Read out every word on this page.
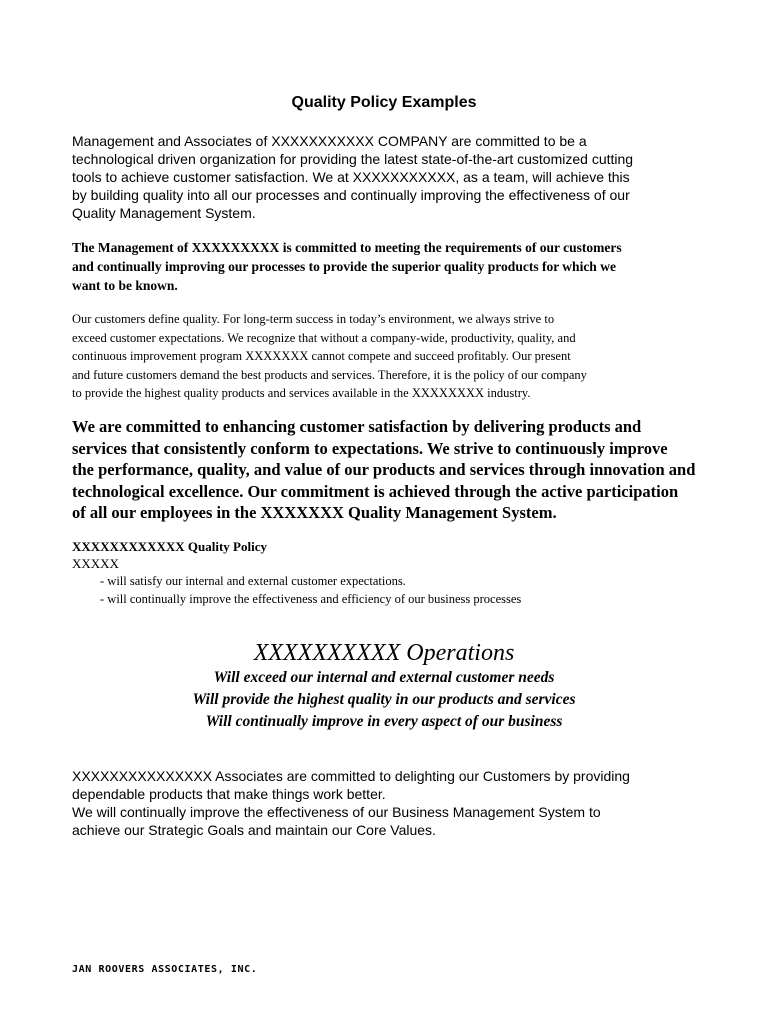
Quality Policy Examples
Management and Associates of XXXXXXXXXXX COMPANY are committed to be a
technological driven organization for providing the latest state-of-the-art customized cutting
tools to achieve customer satisfaction. We at XXXXXXXXXXX, as a team, will achieve this
by building quality into all our processes and continually improving the effectiveness of our
Quality Management System.
The Management of XXXXXXXXX is committed to meeting the requirements of our customers
and continually improving our processes to provide the superior quality products for which we
want to be known.
Our customers define quality. For long-term success in today’s environment, we always strive to
exceed customer expectations. We recognize that without a company-wide, productivity, quality, and
continuous improvement program XXXXXXX cannot compete and succeed profitably. Our present
and future customers demand the best products and services. Therefore, it is the policy of our company
to provide the highest quality products and services available in the XXXXXXXX industry.
We are committed to enhancing customer satisfaction by delivering products and
services that consistently conform to expectations. We strive to continuously improve
the performance, quality, and value of our products and services through innovation and
technological excellence. Our commitment is achieved through the active participation
of all our employees in the XXXXXXX Quality Management System.
XXXXXXXXXXXX Quality Policy
XXXXX
- will satisfy our internal and external customer expectations.
- will continually improve the effectiveness and efficiency of our business processes
XXXXXXXXXX Operations
Will exceed our internal and external customer needs
Will provide the highest quality in our products and services
Will continually improve in every aspect of our business
XXXXXXXXXXXXXXX Associates are committed to delighting our Customers by providing
dependable products that make things work better.
We will continually improve the effectiveness of our Business Management System to
achieve our Strategic Goals and maintain our Core Values.
JAN ROOVERS ASSOCIATES, INC.
